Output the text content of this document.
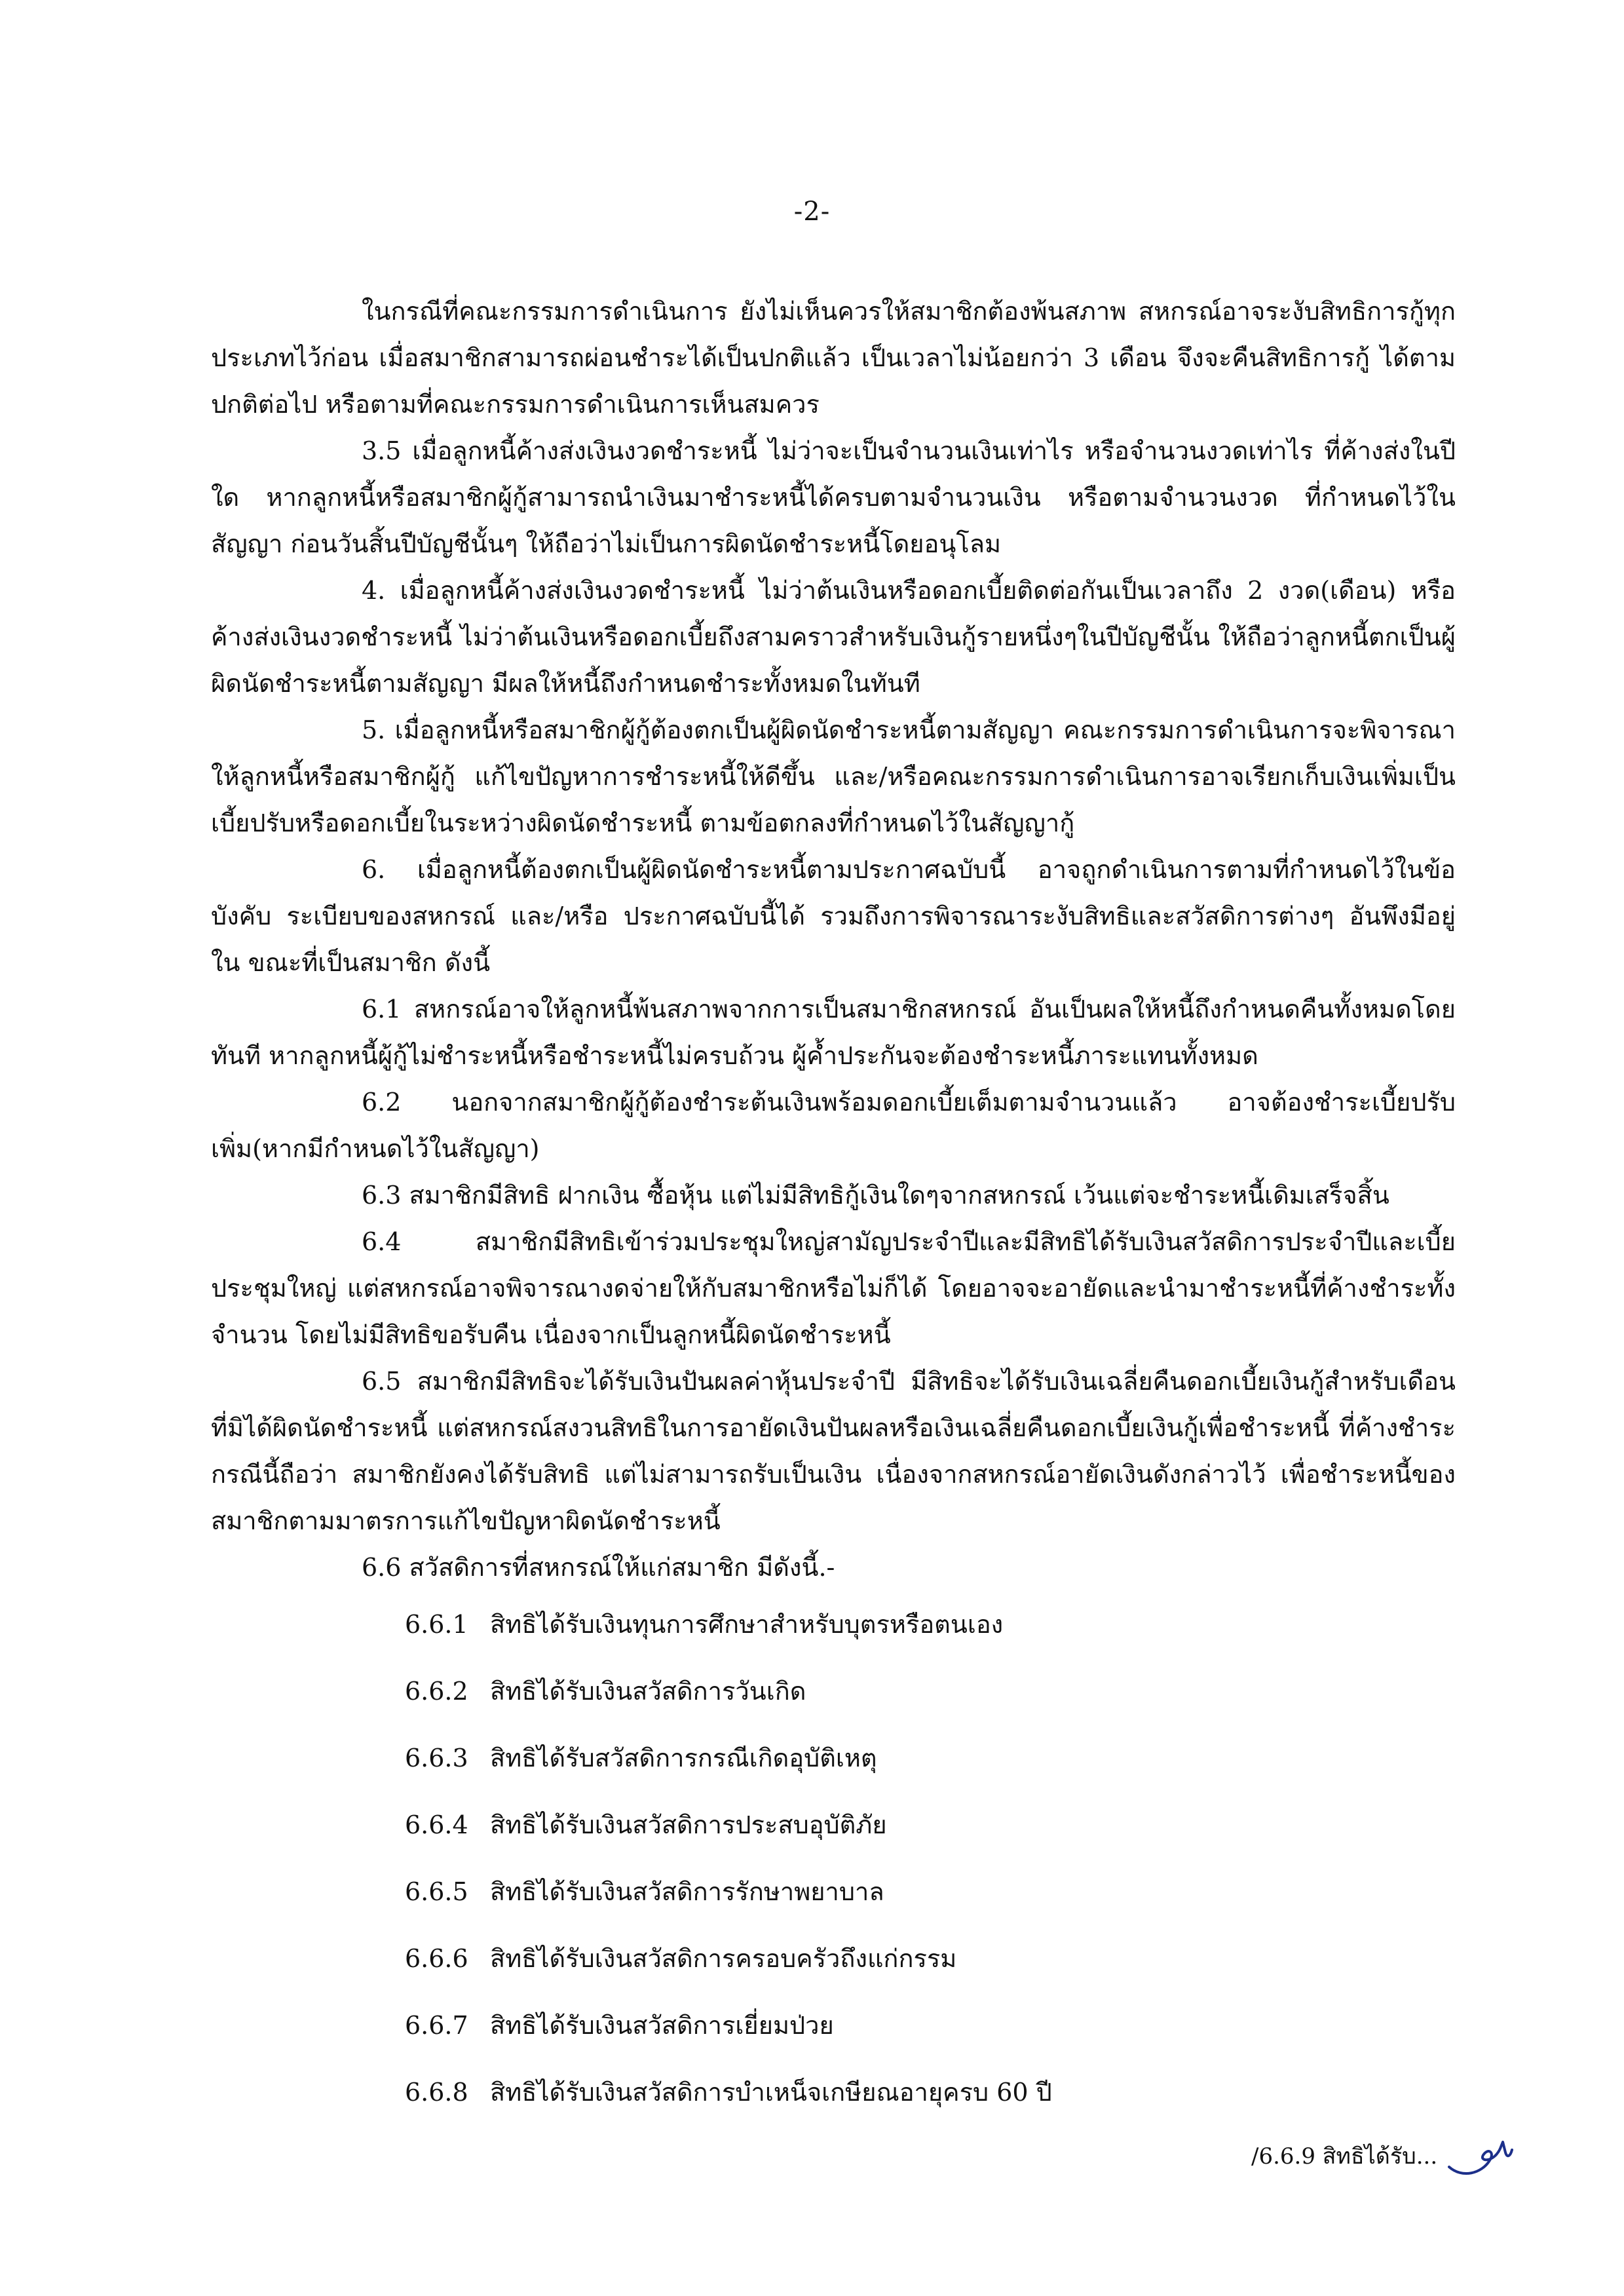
-2-

ในกรณีที่คณะกรรมการดำเนินการ ยังไม่เห็นควรให้สมาชิกต้องพ้นสภาพ สหกรณ์อาจระงับสิทธิการกู้ทุกประเภทไว้ก่อน เมื่อสมาชิกสามารถผ่อนชำระได้เป็นปกติแล้ว เป็นเวลาไม่น้อยกว่า 3 เดือน จึงจะคืนสิทธิการกู้ ได้ตามปกติต่อไป หรือตามที่คณะกรรมการดำเนินการเห็นสมควร

3.5 เมื่อลูกหนี้ค้างส่งเงินงวดชำระหนี้ ไม่ว่าจะเป็นจำนวนเงินเท่าไร หรือจำนวนงวดเท่าไร ที่ค้างส่งในปีใด หากลูกหนี้หรือสมาชิกผู้กู้สามารถนำเงินมาชำระหนี้ได้ครบตามจำนวนเงิน หรือตามจำนวนงวด ที่กำหนดไว้ในสัญญา ก่อนวันสิ้นปีบัญชีนั้นๆ ให้ถือว่าไม่เป็นการผิดนัดชำระหนี้โดยอนุโลม

4. เมื่อลูกหนี้ค้างส่งเงินงวดชำระหนี้ ไม่ว่าต้นเงินหรือดอกเบี้ยติดต่อกันเป็นเวลาถึง 2 งวด(เดือน) หรือค้างส่งเงินงวดชำระหนี้ ไม่ว่าต้นเงินหรือดอกเบี้ยถึงสามคราวสำหรับเงินกู้รายหนึ่งๆในปีบัญชีนั้น ให้ถือว่าลูกหนี้ตกเป็นผู้ผิดนัดชำระหนี้ตามสัญญา มีผลให้หนี้ถึงกำหนดชำระทั้งหมดในทันที

5. เมื่อลูกหนี้หรือสมาชิกผู้กู้ต้องตกเป็นผู้ผิดนัดชำระหนี้ตามสัญญา คณะกรรมการดำเนินการจะพิจารณาให้ลูกหนี้หรือสมาชิกผู้กู้ แก้ไขปัญหาการชำระหนี้ให้ดีขึ้น และ/หรือคณะกรรมการดำเนินการอาจเรียกเก็บเงินเพิ่มเป็นเบี้ยปรับหรือดอกเบี้ยในระหว่างผิดนัดชำระหนี้ ตามข้อตกลงที่กำหนดไว้ในสัญญากู้

6. เมื่อลูกหนี้ต้องตกเป็นผู้ผิดนัดชำระหนี้ตามประกาศฉบับนี้ อาจถูกดำเนินการตามที่กำหนดไว้ในข้อบังคับ ระเบียบของสหกรณ์ และ/หรือ ประกาศฉบับนี้ได้ รวมถึงการพิจารณาระงับสิทธิและสวัสดิการต่างๆ อันพึงมีอยู่ ใน ขณะที่เป็นสมาชิก ดังนี้

6.1 สหกรณ์อาจให้ลูกหนี้พ้นสภาพจากการเป็นสมาชิกสหกรณ์ อันเป็นผลให้หนี้ถึงกำหนดคืนทั้งหมดโดยทันที หากลูกหนี้ผู้กู้ไม่ชำระหนี้หรือชำระหนี้ไม่ครบถ้วน ผู้ค้ำประกันจะต้องชำระหนี้ภาระแทนทั้งหมด

6.2 นอกจากสมาชิกผู้กู้ต้องชำระต้นเงินพร้อมดอกเบี้ยเต็มตามจำนวนแล้ว อาจต้องชำระเบี้ยปรับเพิ่ม(หากมีกำหนดไว้ในสัญญา)

6.3 สมาชิกมีสิทธิ ฝากเงิน ซื้อหุ้น แต่ไม่มีสิทธิกู้เงินใดๆจากสหกรณ์ เว้นแต่จะชำระหนี้เดิมเสร็จสิ้น

6.4 สมาชิกมีสิทธิเข้าร่วมประชุมใหญ่สามัญประจำปีและมีสิทธิได้รับเงินสวัสดิการประจำปีและเบี้ยประชุมใหญ่ แต่สหกรณ์อาจพิจารณางดจ่ายให้กับสมาชิกหรือไม่ก็ได้ โดยอาจจะอายัดและนำมาชำระหนี้ที่ค้างชำระทั้งจำนวน โดยไม่มีสิทธิขอรับคืน เนื่องจากเป็นลูกหนี้ผิดนัดชำระหนี้

6.5 สมาชิกมีสิทธิจะได้รับเงินปันผลค่าหุ้นประจำปี มีสิทธิจะได้รับเงินเฉลี่ยคืนดอกเบี้ยเงินกู้สำหรับเดือนที่มิได้ผิดนัดชำระหนี้ แต่สหกรณ์สงวนสิทธิในการอายัดเงินปันผลหรือเงินเฉลี่ยคืนดอกเบี้ยเงินกู้เพื่อชำระหนี้ ที่ค้างชำระ กรณีนี้ถือว่า สมาชิกยังคงได้รับสิทธิ แต่ไม่สามารถรับเป็นเงิน เนื่องจากสหกรณ์อายัดเงินดังกล่าวไว้ เพื่อชำระหนี้ของสมาชิกตามมาตรการแก้ไขปัญหาผิดนัดชำระหนี้

6.6 สวัสดิการที่สหกรณ์ให้แก่สมาชิก มีดังนี้.-

6.6.1 สิทธิได้รับเงินทุนการศึกษาสำหรับบุตรหรือตนเอง
6.6.2 สิทธิได้รับเงินสวัสดิการวันเกิด
6.6.3 สิทธิได้รับสวัสดิการกรณีเกิดอุบัติเหตุ
6.6.4 สิทธิได้รับเงินสวัสดิการประสบอุบัติภัย
6.6.5 สิทธิได้รับเงินสวัสดิการรักษาพยาบาล
6.6.6 สิทธิได้รับเงินสวัสดิการครอบครัวถึงแก่กรรม
6.6.7 สิทธิได้รับเงินสวัสดิการเยี่ยมป่วย
6.6.8 สิทธิได้รับเงินสวัสดิการบำเหน็จเกษียณอายุครบ 60 ปี
/6.6.9 สิทธิได้รับ...
